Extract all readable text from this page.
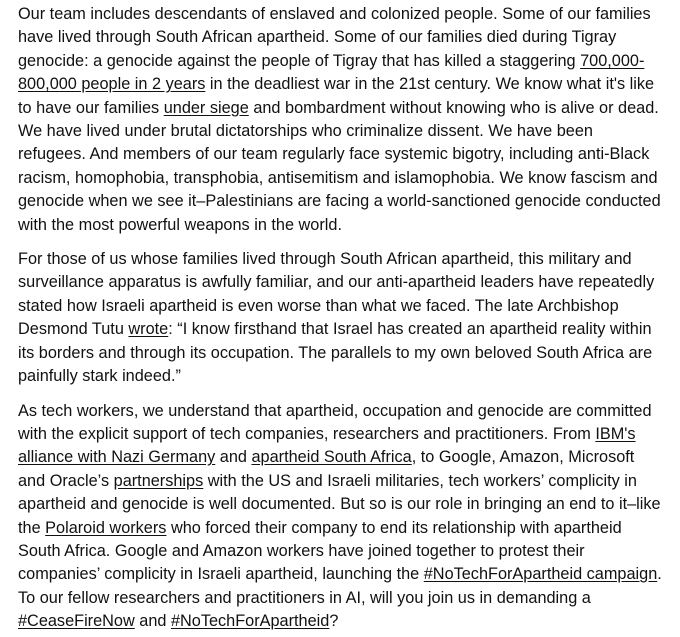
Our team includes descendants of enslaved and colonized people. Some of our families have lived through South African apartheid. Some of our families died during Tigray genocide: a genocide against the people of Tigray that has killed a staggering 700,000-800,000 people in 2 years in the deadliest war in the 21st century. We know what it's like to have our families under siege and bombardment without knowing who is alive or dead. We have lived under brutal dictatorships who criminalize dissent. We have been refugees. And members of our team regularly face systemic bigotry, including anti-Black racism, homophobia, transphobia, antisemitism and islamophobia. We know fascism and genocide when we see it–Palestinians are facing a world-sanctioned genocide conducted with the most powerful weapons in the world.

For those of us whose families lived through South African apartheid, this military and surveillance apparatus is awfully familiar, and our anti-apartheid leaders have repeatedly stated how Israeli apartheid is even worse than what we faced. The late Archbishop Desmond Tutu wrote: “I know firsthand that Israel has created an apartheid reality within its borders and through its occupation. The parallels to my own beloved South Africa are painfully stark indeed.”

As tech workers, we understand that apartheid, occupation and genocide are committed with the explicit support of tech companies, researchers and practitioners. From IBM's alliance with Nazi Germany and apartheid South Africa, to Google, Amazon, Microsoft and Oracle’s partnerships with the US and Israeli militaries, tech workers’ complicity in apartheid and genocide is well documented. But so is our role in bringing an end to it–like the Polaroid workers who forced their company to end its relationship with apartheid South Africa. Google and Amazon workers have joined together to protest their companies’ complicity in Israeli apartheid, launching the #NoTechForApartheid campaign. To our fellow researchers and practitioners in AI, will you join us in demanding a #CeaseFireNow and #NoTechForApartheid?
